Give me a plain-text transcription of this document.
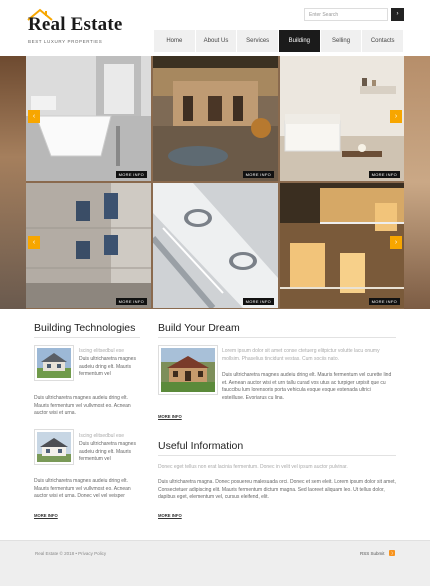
Real Estate
BEST LUXURY PROPERTIES
Enter Search	›
Home	About Us	Services	Building	Selling	Contacts
MORE INFO	MORE INFO	MORE INFO
MORE INFO	MORE INFO	MORE INFO
‹	›
‹	›
Building Technologies
Iscing elitsedbul ese
Duis ultricharetra magnes audeiu dring elt. Mauris fermentum vel
Duis ultricharetra magnes audeiu dring elt. Mauris fermentum vel vullvmost eo. Acnean auctor wisi et urna.
Iscing elitsedbul ese
Duis ultricharetra magnes audeiu dring elt. Mauris fermentum vel
Duis ultricharetra magnes audeiu dring elt. Mauris fermentum vel vullvmost eo. Acnean auctor wisi et urna. Donec vel vel veisper
MORE INFO
Build Your Dream
Lorem ipsum dolor sit amet conse ctetuerg elitpictur volutte lacu onumy mollsim. Phaselius tincidunt vestas. Cum sociis nato.
Duis ultricharetra magnes audeiu dring elt. Mauris fermentum vel curette lind et. Aenean auctor wisi et urn tallu curad vos utus ac turpiger urpisit que cu fauccibu lum lorensoris porta vehicula esque esque estenada ultrici esteilluse. Evoriarus cu lina.
MORE INFO
Useful Information
Donec eget tellus non erat lacinia fermentum. Donec in velit vel ipsum auctor pulvinar.
Duis ultricharetra magna. Donec posuereu malesuada orci. Donec et sem eleit. Lorem ipsum dolor sit amet, Consectetuer adipiscing elit. Mauris fermentum dictum magna. Sed laoreet aliquam leo. Ut tellus dolor, dapibus eget, elementum vel, cursus eleifend, elit.
MORE INFO
Real Estate © 2018 • Privacy Policy	RSS Submit	)
